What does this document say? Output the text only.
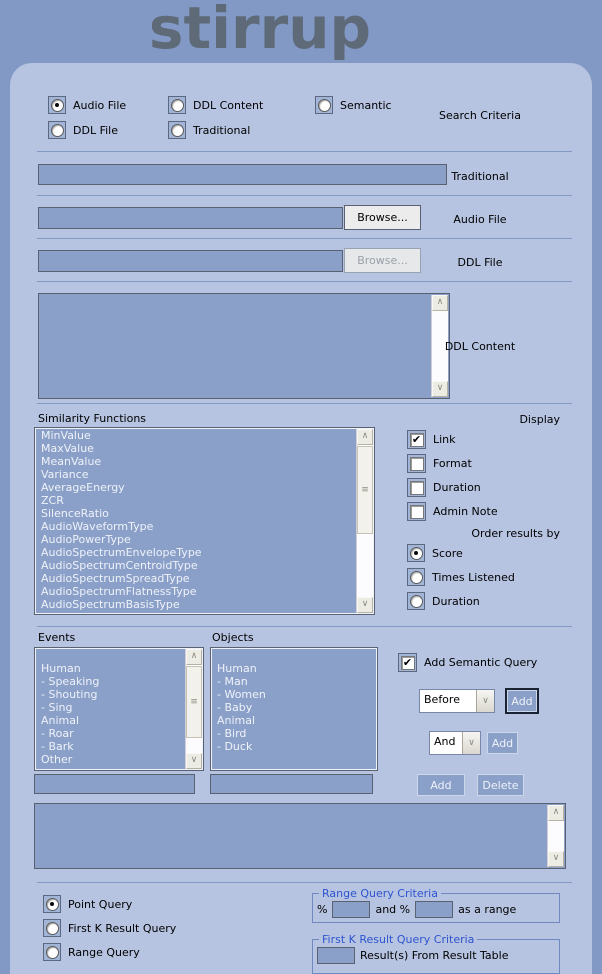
stirrup
Audio File	DDL Content	Semantic
DDL File	Traditional
Search Criteria
Traditional
Browse...	Audio File
Browse...	DDL File
∧
∨
DDL Content
Similarity Functions
MinValue
MaxValue
MeanValue
Variance
AverageEnergy
ZCR
SilenceRatio
AudioWaveformType
AudioPowerType
AudioSpectrumEnvelopeType
AudioSpectrumCentroidType
AudioSpectrumSpreadType
AudioSpectrumFlatnessType
AudioSpectrumBasisType
∧
≡
∨
Display
✔ Link
Format
Duration
Admin Note
Order results by
Score
Times Listened
Duration
Events
Human
- Speaking
- Shouting
- Sing
Animal
- Roar
- Bark
Other
∧
≡
∨
Objects
Human
- Man
- Women
- Baby
Animal
- Bird
- Duck
✔ Add Semantic Query
Before	∨	Add
And	∨	Add
Add	Delete
∧
∨
Point Query
First K Result Query
Range Query
Range Query Criteria
%	and %	as a range
First K Result Query Criteria
Result(s) From Result Table
